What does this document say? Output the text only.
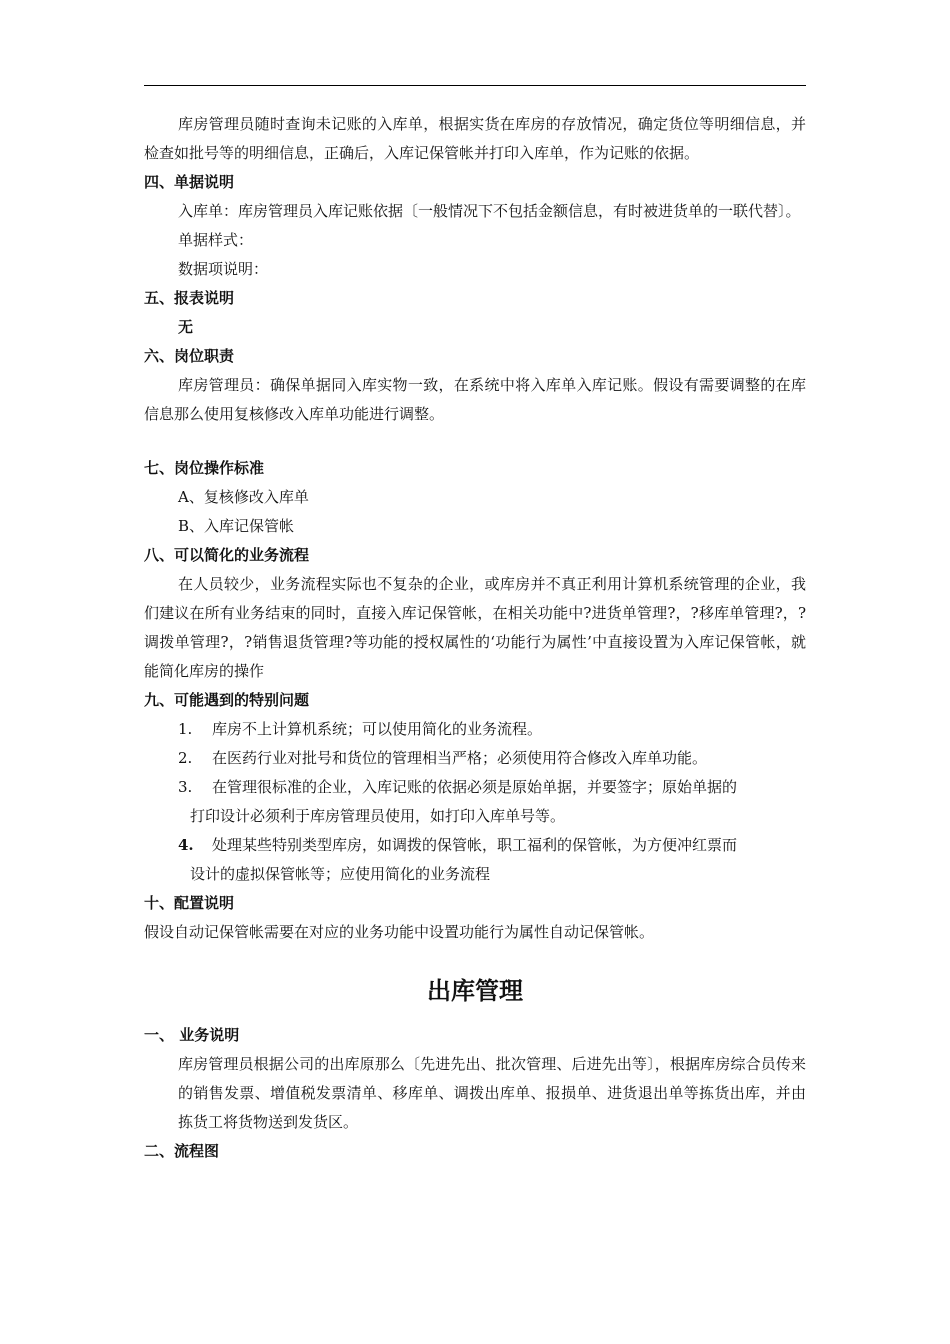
库房管理员随时查询未记账的入库单，根据实货在库房的存放情况，确定货位等明细信息，并检查如批号等的明细信息，正确后，入库记保管帐并打印入库单，作为记账的依据。

四、单据说明

入库单：库房管理员入库记账依据〔一般情况下不包括金额信息，有时被进货单的一联代替〕。

单据样式：

数据项说明：

五、报表说明

无

六、岗位职责

库房管理员：确保单据同入库实物一致，在系统中将入库单入库记账。假设有需要调整的在库信息那么使用复核修改入库单功能进行调整。

七、岗位操作标准

A、复核修改入库单

B、入库记保管帐

八、可以简化的业务流程

在人员较少，业务流程实际也不复杂的企业，或库房并不真正利用计算机系统管理的企业，我们建议在所有业务结束的同时，直接入库记保管帐，在相关功能中?进货单管理?，?移库单管理?，?调拨单管理?，?销售退货管理?等功能的授权属性的‘功能行为属性’中直接设置为入库记保管帐，就能简化库房的操作

九、可能遇到的特别问题

1. 库房不上计算机系统；可以使用简化的业务流程。

2. 在医药行业对批号和货位的管理相当严格；必须使用符合修改入库单功能。

3. 在管理很标准的企业，入库记账的依据必须是原始单据，并要签字；原始单据的

打印设计必须利于库房管理员使用，如打印入库单号等。

4. 处理某些特别类型库房，如调拨的保管帐，职工福利的保管帐，为方便冲红票而

设计的虚拟保管帐等；应使用简化的业务流程

十、配置说明

假设自动记保管帐需要在对应的业务功能中设置功能行为属性自动记保管帐。

出库管理

一、 业务说明

库房管理员根据公司的出库原那么〔先进先出、批次管理、后进先出等〕，根据库房综合员传来的销售发票、增值税发票清单、移库单、调拨出库单、报损单、进货退出单等拣货出库，并由拣货工将货物送到发货区。

二、流程图
